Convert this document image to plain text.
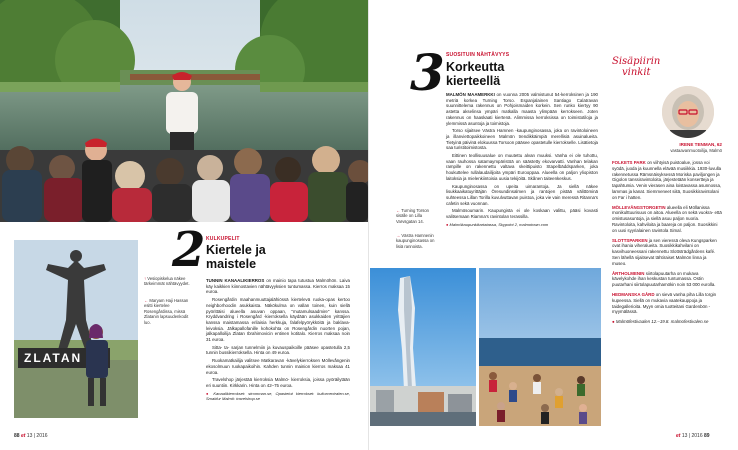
ZLATAN
↑ Vesiopiskelua näkee tärkeimmät nähtävyydet.
← Maryam Haji Hassan esitti kiertelee Rosengårdissa, missä Zlatanin lapsuudenkodit luo.
2 KULKUPELIT
Kiertele ja
maistele

TUNNIN KANAALIKIERROS on mainio tapa tutustua Malmöhön. Laiva käy kaikkien kiinnostavien nähtävyyksien tuntumassa. Kierros maksaa 15 euroa.

Rosengårdin maahanmuuttajalähiössä kiertelevä ruoka-opas kertoo neighborhoodin asukkaista. Näkökulma on vallan toinen, kuin siellä pyörittäisi alueella asuvan oppaan, "mutamulsaadmire" kanssa. Kryddvandring i Rosengård -kierroksella käydään asukkaiden yrittäjien kanssa maistamassa erilaisia herkkuja, falafelpyörykköitä ja baklava-leivoksia. Jälkapallofanille kohokohta on Rosengårdin nuorten pojan, jalkapalloilija Zlatan Ibrahimovicin entinen kotitalo. Kierros maksaa noin 31 euroa.

Sitta- ta- sarjan tunnelmiin ja kuvauspaikoille pääsee opastetulla 2,5 tunnin bussikierroksella. Hinta on 49 euroa.

Ruokamatkailija valitsee Matkaravan -kävelykierroksen Möllevångenin ekosolmuun ruokapaikoihin. Kahden tunnin mainion kierros maksaa 41 euroa.

Travelshop järjestää kierroksia Malmö- kierroksia, joissa pyöräilytään eri suuntiin. Kirkkarin. Hinta on 42–75 euroa.

● Kanaalikierrokset: stromman.se, Opastetut kierrokset: kulturcentralen.se, Smakfur Malmö: travelshop.se

88 et 13 | 2016
3 SUOSITUIN NÄHTÄVYYS
Korkeutta
kierteellä

MALMÖN MAAMERKKI on vuonna 2005 valmistunut 54-kerroksinen ja 190 metriä korkea Turning Torso. Espanjalainen Santiago Calatravan suunnittelema rakennus on Pohjoismaiden korkein. Sen runko kiertyy 90 astetta akselinsa ympäri matkalla maasta ylimpään kerrokseen. Joten rakennus on haaskaati kiertenä. Alimmissa kerroksissa on toimistotiloja ja ylemmissä asuntoja ja toimistoja.

Torso sijaitsee Västra Hamnen -kaupunginosassa, joka on ravintoloineen ja illanviettopaikkoineen Malmön trendikkäimpiä merellisiä asuinalueita. Tietyinä päivinä elokuussa Torsoon pääsee opastetulle kierrokselle. Lisätietoja saa turistitoimistosta.

Eittinen teollisuusalue on muutettu alvan muuksi. Vanha ei ole tuhottu, vaan rauhossa satamaympäristöä on säästetty ekovarvatti. Vanhan telakan rampille on rakennettu valtava skeittipuisto Stapelbäddsparken, joka houkuttelee rullalaudailijoita ympäri Eurooppaa. Alueella on paljon yliopiston laitoksia ja mielenkiintoisia uusia tekijöitä. Skånen taiteenkeskus.

Kaupunginosassa on upeita uimarantoja. Ja siellä näkee lisukkaaikatuyrittäjän Öresundinsalmen ja rantojen pistää välittöminä suhteessa Lillan Torilla kuvulvuttavan puistoa, joka vie vain meressä Ritanna's cafetin sekä vuonnan.

Malmösoumarin. Kaupungista ei ole koskaan valittu, pääsi kovasti valitsemaan Riamna's ravintolan terassilla.

● Malmökaupunkikartatassa, Skypoint 2, malmotown.com

← Turning Torson sisälle on Lilla Varvsgatan 14.
→ Västra Hamnenin kaupunginosassa on lisiä rannoista.
Sisäpiirin
vinkit
IRENE TENMAN, 62
vastaavanmuotoilija, Malmö

FOLKETS PARK on viihtyisä puistoalue, jossa voi syödä, juoda ja kuunnella elävää musiikkia. 1930-luvulla rakennetussa Rämsnäisyksessä Moriska paviljongen ja Gigolon tanssiravintoloita, järjestetään konsertteja ja tapahtumia. Venin vierasen aina loistavassa asunnossa, lammas ja kanat. Siemmeneet siitä, Suosikkiravintolani on Far i hatten.

MÖLLEVÅNGSTORGETIN alueella eli Möllanissa monikulttuurisuus on aitoa. Alueella on sekä vuokra- että omistusasuntoja, ja siellä asuu paljon nuoria. Ravintoloita, kahviloita ja baareja on paljon. Suosikkini on uusi syyrialainen ravintola Simal.

SLOTTSPARKEN ja sen vieressä oleva Kungsparken ovat ihania viheralueita. Suosikkikahvilani on kasvihuoneessani rakennettu Slottsträdgårdens kafé. Sen lähellä sijaitsevat tähtiraiset Malmön linna ja museo.

ÅRTHOLMENIN siirtolapuutarha on mukava kävelykohde ihan keskustan tuntumassa. Ostin puutarhani siirtolapuutarhamökin noin 53 000 eurolla.

HEDMANSKA GÅRD on sievä vanha piha Lilla torgin kupeessa. Siellä on mukavia vaatekauppoja ja taidegallerioita. Myyn omia tuotteitani Gardenbön -myymälässä.

● Malmöfestivaalen 12.–19.8. malmofestivalen.se

et 13 | 2016 89
